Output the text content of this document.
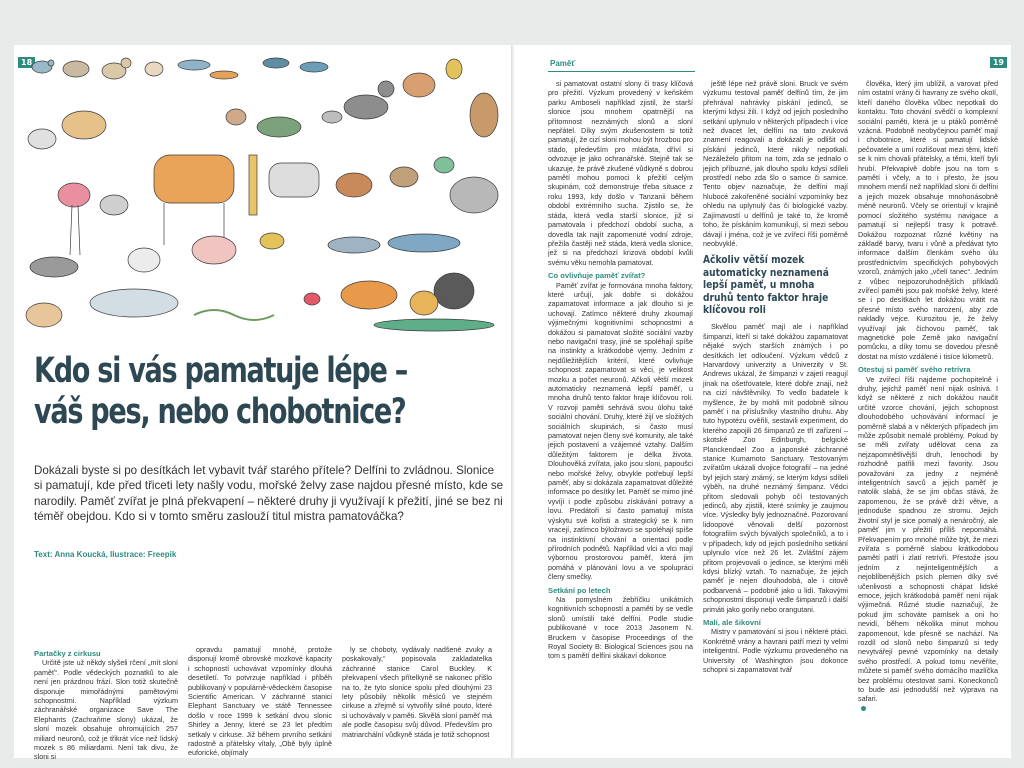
18
Kdo si vás pamatuje lépe –
váš pes, nebo chobotnice?
Dokázali byste si po desítkách let vybavit tvář starého přítele? Delfíni to zvládnou. Slonice si pamatují, kde před třiceti lety našly vodu, mořské želvy zase najdou přesné místo, kde se narodily. Paměť zvířat je plná překvapení – některé druhy ji využívají k přežití, jiné se bez ni téměř obejdou. Kdo si v tomto směru zaslouží titul mistra pamatováčka?
Text: Anna Koucká, Ilustrace: Freepik
Partačky z cirkusu

Určitě jste už někdy slyšeli rčení „mít sloní paměť“. Podle vědeckých poznatků to ale není jen prázdnou frází. Slon totiž skutečně disponuje mimořádnými pamětovými schopnostmi. Například výzkum záchranářské organizace Save The Elephants (Zachraňme slony) ukázal, že sloní mozek obsahuje ohromujících 257 miliard neuronů, což je třikrát více než lidský mozek s 86 miliardami. Není tak divu, že sloni si

opravdu pamatují mnohé, protože disponují kromě obrovské mozkové kapacity i schopností uchovávat vzpomínky dlouhá desetiletí. To potvrzuje například i příběh publikovaný v populárně-vědeckém časopise Scientific American. V záchranné stanici Elephant Sanctuary ve státě Tennessee došlo v roce 1999 k setkání dvou slonic Shirley a Jenny, které se 23 let předtím setkaly v cirkuse. Již během prvního setkání radostně a přátelsky vítaly, „Obě byly úplně euforické, objímaly

ly se choboty, vydávaly nadšené zvuky a poskakovaly,“ popisovala zakladatelka záchranné stanice Carol Buckley. K překvapení všech přítelkyně se nakonec přišlo na to, že tyto slonice spolu před dlouhými 23 lety působily několik měsíců ve stejném cirkuse a zřejmě si vytvořily silné pouto, které si uchovávaly v paměti. Skvělá sloní paměť má ale podle časopisu svůj důvod. Především pro matriarchální vůdkyně stáda je totiž schopnost

19
Paměť

si pamatovat ostatní slony či trasy klíčová pro přežití. Výzkum provedený v keňském parku Amboseli například zjistil, že starší slonice jsou mnohem opatrnější na přítomnost neznámých slonů a sloní nepřátel. Díky svým zkušenostem si totiž pamatují, že cizí sloni mohou být hrozbou pro stádo, především pro mláďata, dříví si odvozuje je jako ochranářské. Stejně tak se ukazuje, že právě zkušené vůdkyně s dobrou pamětí mohou pomoci k přežití celým skupinám, což demonstruje třeba situace z roku 1993, kdy došlo v Tanzanii během období extrémního sucha. Zjistilo se, že stáda, která vedla starší slonice, již si pamatovala i předchozí období sucha, a dovedla tak najít zapomenuté vodní zdroje, přežila častěji než stáda, která vedla slonice, jež si na předchozí krizová období kvůli svému věku nemohla pamatovat.

Co ovlivňuje paměť zvířat?

Paměť zvířat je formována mnoha faktory, které určují, jak dobře si dokážou zapamatovat informace a jak dlouho si je uchovají. Zatímco některé druhy zkoumají výjimečnými kognitivními schopnostmi a dokážou si pamatovat složité sociální vazby nebo navigační trasy, jiné se spoléhají spíše na instinkty a krátkodobé vjemy. Jedním z nejdůležitějších kritérií, které ovlivňuje schopnost zapamatovat si věci, je velikost mozku a počet neuronů. Ačkoli větší mozek automaticky neznamená lepší paměť, u mnoha druhů tento faktor hraje klíčovou roli. V rozvoji paměti sehrává svou úlohu také sociální chování. Druhy, které žijí ve složitých sociálních skupinách, si často musí pamatovat nejen členy své komunity, ale také jejich postavení a vzájemné vztahy. Dalším důležitým faktorem je délka života. Dlouhověká zvířata, jako jsou sloni, papoušci nebo mořské želvy, obvykle potřebují lepší paměť, aby si dokázala zapamatovat důležité informace po desítky let. Paměť se mimo jiné vyvíjí i podle způsobu získávání potravy a lovu. Predátoři si často pamatují místa výskytu své kořisti a strategický se k nim vracejí, zatímco býložravci se spoléhají spíše na instinktivní chování a orientaci podle přírodních podnětů. Například vlci a vlci mají výbornou prostorovou paměť, která jim pomáhá v plánování lovu a ve spolupráci členy smečky.

Setkání po letech

Na pomyslném žebříčku unikátních kognitivních schopností a paměti by se vedle slonů umístili také delfíni. Podle studie publikované v roce 2013 Jasonem N. Bruckem v časopise Proceedings of the Royal Society B: Biological Sciences jsou na tom s pamětí delfíni skákaví dokonce

ještě lépe než právě sloni. Bruck ve svém výzkumu testoval paměť delfínů tím, že jim přehrával nahrávky pískání jedinců, se kterými kdysi žili. I když od jejich posledního setkání uplynulo v některých případech i více než dvacet let, delfíni na tato zvuková znamení reagovali a dokázali je odlišit od pískání jedinců, které nikdy nepotkali. Nezáleželo přitom na tom, zda se jednalo o jejich příbuzné, jak dlouho spolu kdysi sdíleli prostředí nebo zda šlo o samce či samice. Tento objev naznačuje, že delfíni mají hlubocé zakořeněné sociální vzpomínky bez ohledu na uplynulý čas či biologické vazby. Zajímavostí u delfínů je také to, že kromě toho, že pískáním komunikují, si mezi sebou dávají i jména, což je ve zvířecí říši poměrně neobvyklé.

Ačkoliv větší mozek automaticky neznamená lepší paměť, u mnoha druhů tento faktor hraje klíčovou roli

Skvělou paměť mají ale i například šimpanzi, kteří si také dokážou zapamatovat nějaké svých starších známých i po desítkách let odloučení. Výzkum vědců z Harvardovy univerzity a Univerzity v St. Andrews ukázal, že šimpanzi v zajetí reagují jinak na ošetřovatele, které dobře znají, než na cizí návštěvníky. To vedlo badatele k myšlence, že by mohli mít podobně silnou paměť i na příslušníky vlastního druhu. Aby tuto hypotézu ověřili, sestavili experiment, do kterého zapojili 26 šimpanzů ze tří zařízení – skotské Zoo Edinburgh, belgické Planckendael Zoo a japonské záchranné stanice Kumamoto Sanctuary. Testovaným zvířatům ukázali dvojice fotografií – na jedné byl jejich starý známý, se kterým kdysi sdíleli výběh, na druhé neznámý šimpanz. Vědci přitom sledovali pohyb očí testovaných jedinců, aby zjistili, které snímky je zaujmou více. Výsledky byly jednoznačné. Pozorovaní lidoopové věnovali delší pozornost fotografiím svých bývalých společníků, a to i v případech, kdy od jejich posledního setkání uplynulo více než 26 let. Zvláštní zájem přitom projevovali o jedince, se kterými měli kdysi blízký vztah. To naznačuje, že jejich paměť je nejen dlouhodobá, ale i citově podbarvená – podobně jako u lidí. Takovými schopnostmi disponují vedle šimpanzů i další primáti jako gorily nebo orangutani.

Malí, ale šikovní

Mistry v pamatování si jsou i některé ptáci. Konkrétně vrány a havrani patří mezi ty velmi inteligentní. Podle výzkumu provedeného na University of Washington jsou dokonce schopni si zapamatovat tvář

člověka, který jim ublížil, a varovat před ním ostatní vrány či havrany ze svého okolí, kteří daného člověka vůbec nepotkali do kontaktu. Toto chování svědčí o komplexní sociální paměti, která je u ptáků poměrně vzácná. Podobně neobyčejnou paměť mají i chobotnice, které si pamatují lidské pečovatele a umí rozlišovat mezi těmi, kteří se k nim chovali přátelsky, a těmi, kteří byli hrubí. Překvapivě dobře jsou na tom s pamětí i včely, a to i přesto, že jsou mnohem menší než například sloni či delfíni a jejich mozek obsahuje mnohonásobně méně neuronů. Včely se orientují v krajině pomocí složitého systému navigace a pamatují si nejlepší trasy k potravě. Dokážou rozpoznat různé květiny na základě barvy, tvaru i vůně a předávat tyto informace dalším členkám svého úlu prostřednictvím specifických pohybových vzorců, známých jako „včelí tanec“. Jedním z vůbec nejpozoruhodnějších příkladů zvířecí paměti jsou pak mořské želvy, které se i po desítkách let dokážou vrátit na přesné místo svého narození, aby zde nakladly vejce. Kurozitou je, že želvy využívají jak čichovou paměť, tak magnetické pole Země jako navigační pomůcku, a díky tomu se dovedou přesně dostat na místo vzdálené i tisíce kilometrů.

Otestuj si paměť svého retrívra

Ve zvířecí říši najdeme pochopitelně i druhy, jejichž paměť není nijak oslnivá. I když se některé z nich dokážou naučit určité vzorce chování, jejich schopnost dlouhodobého uchovávání informací je poměrně slabá a v některých případech jim může způsobit nemalé problémy. Pokud by se měli zvířaty udělovat cena za nejzapomnětlivější druh, lenochodi by rozhodně patřili mezi favority. Jsou považováni za jedny z nejméně inteligentních savců a jejich paměť je natolik slabá, že se jim občas stává, že zapomenou, že se právě drží větve, a jednoduše spadnou ze stromu. Jejich životní styl je sice pomalý a nenáročný, ale paměť jim v přežití příliš nepomáhá. Překvapením pro mnohé může být, že mezi zvířata s poměrně slabou krátkodobou pamětí patří i zlatí retrívři. Přestože jsou jedním z nejinteligentnějších a nejoblíbenějších psích plemen díky své učenlivosti a schopnosti chápat lidské emoce, jejich krátkodobá paměť není nijak výjimečná. Různé studie naznačují, že pokud jim schováte pamlsek a oni ho nevidí, během několika minut mohou zapomenout, kde přesně se nachází. Na rozdíl od slonů nebo šimpanzů si tedy nevytvářejí pevné vzpomínky na detaily svého prostředí. A pokud tomu nevěříte, můžete si paměť svého domácího mazlíčka bez problému otestovat sami. Koneckonců to bude asi jednodušší než výprava na safari.
